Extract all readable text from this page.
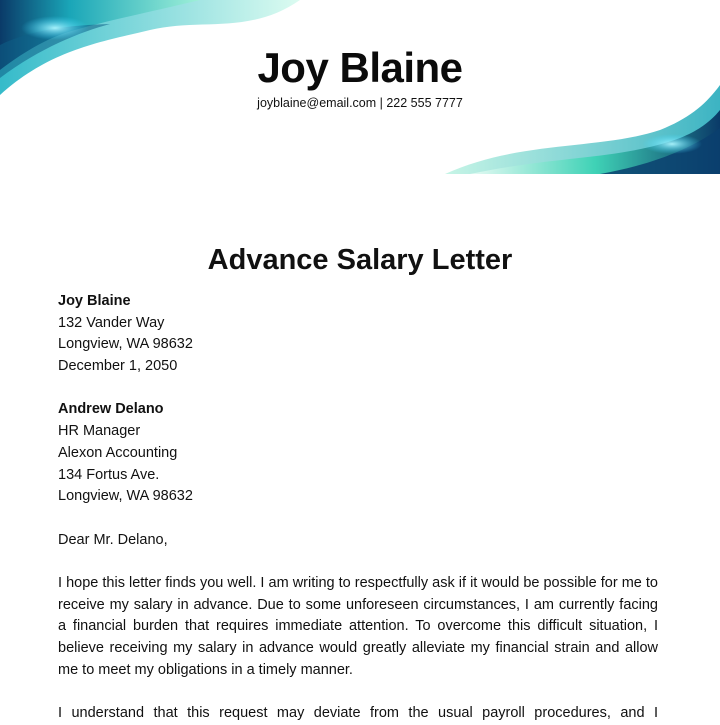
Joy Blaine
joyblaine@email.com | 222 555 7777
Advance Salary Letter
Joy Blaine
132 Vander Way
Longview, WA 98632
December 1, 2050
Andrew Delano
HR Manager
Alexon Accounting
134 Fortus Ave.
Longview, WA 98632
Dear Mr. Delano,

I hope this letter finds you well. I am writing to respectfully ask if it would be possible for me to receive my salary in advance. Due to some unforeseen circumstances, I am currently facing a financial burden that requires immediate attention. To overcome this difficult situation, I believe receiving my salary in advance would greatly alleviate my financial strain and allow me to meet my obligations in a timely manner.

I understand that this request may deviate from the usual payroll procedures, and I
